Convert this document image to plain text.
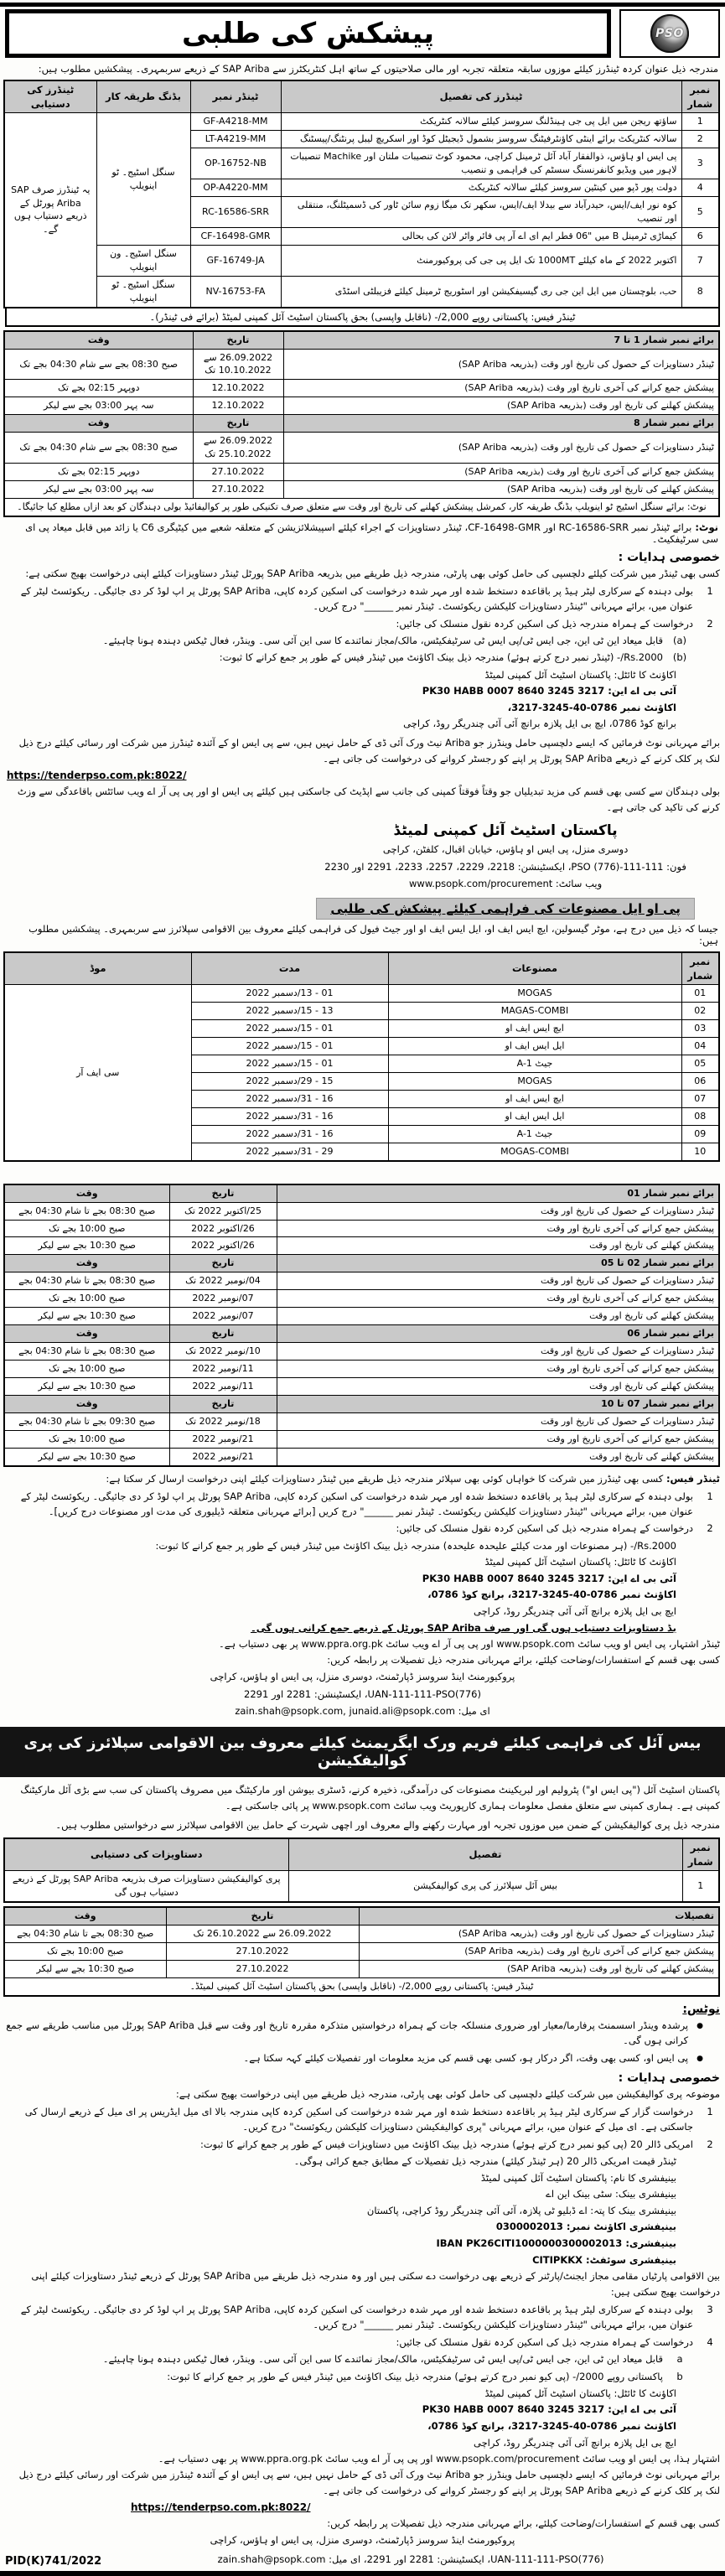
PSO
پیشکش کی طلبی
مندرجہ ذیل عنوان کردہ ٹینڈرز کیلئے موزوں سابقہ متعلقہ تجربہ اور مالی صلاحیتوں کے ساتھ اہل کنٹریکٹرز سے SAP Ariba کے ذریعے سربمہری۔ پیشکشیں مطلوب ہیں:
نمبر شمار	ٹینڈرز کی تفصیل	ٹینڈر نمبر	بڈنگ طریقہ کار	ٹینڈرز کی دستیابی
1	ساؤتھ ریجن میں ایل پی جی ہینڈلنگ سروسز کیلئے سالانہ کنٹریکٹ	GF-A4218-MM	سنگل اسٹیج۔ ٹو اینویلپ	یہ ٹینڈرز صرف SAP Ariba پورٹل کے ذریعے دستیاب ہوں گے۔
2	سالانہ کنٹریکٹ برائے اینٹی کاؤنٹرفیٹنگ سروسز بشمول ڈیجیٹل کوڈ اور اسکریچ لیبل پرنٹنگ/پیسٹنگ	LT-A4219-MM		
3	پی ایس او ہاؤس، ذوالفقار آباد آئل ٹرمینل کراچی، محمود کوٹ تنصیبات ملتان اور Machike تنصیبات لاہور میں ویڈیو کانفرنسنگ سسٹم کی فراہمی و تنصیب	OP-16752-NB		
4	دولت پور ڈپو میں کینٹین سروسز کیلئے سالانہ کنٹریکٹ	OP-A4220-MM		
5	کوہ نور ایف/ایس، حیدرآباد سے بیدلا ایف/ایس، سکھر تک میگا زوم سائن ٹاور کی ڈسمیٹلنگ، منتقلی اور تنصیب	RC-16586-SRR		
6	کیماڑی ٹرمینل B میں "06 قطر ایم ای اے آر پی فائر واٹر لائن کی بحالی	CF-16498-GMR		
7	اکتوبر 2022 کے ماہ کیلئے 1000MT تک ایل پی جی کی پروکیورمنٹ	GF-16749-JA	سنگل اسٹیج۔ ون اینویلپ	
8	حب، بلوچستان میں ایل این جی ری گیسیفکیشن اور اسٹوریج ٹرمینل کیلئے فزیبلٹی اسٹڈی	NV-16753-FA	سنگل اسٹیج۔ ٹو اینویلپ	
ٹینڈر فیس: پاکستانی روپے 2,000/- (ناقابل واپسی) بحق پاکستان اسٹیٹ آئل کمپنی لمیٹڈ (برائے فی ٹینڈر)۔
برائے نمبر شمار 1 تا 7	تاریخ	وقت
ٹینڈر دستاویزات کے حصول کی تاریخ اور وقت (بذریعہ SAP Ariba)	26.09.2022 سے 10.10.2022 تک	صبح 08:30 بجے سے شام 04:30 بجے تک
پیشکش جمع کرانے کی آخری تاریخ اور وقت (بذریعہ SAP Ariba)	12.10.2022	دوپہر 02:15 بجے تک
پیشکش کھلنے کی تاریخ اور وقت (بذریعہ SAP Ariba)	12.10.2022	سہ پہر 03:00 بجے سے لیکر
برائے نمبر شمار 8	تاریخ	وقت
ٹینڈر دستاویزات کے حصول کی تاریخ اور وقت (بذریعہ SAP Ariba)	26.09.2022 سے 25.10.2022 تک	صبح 08:30 بجے سے شام 04:30 بجے تک
پیشکش جمع کرانے کی آخری تاریخ اور وقت (بذریعہ SAP Ariba)	27.10.2022	دوپہر 02:15 بجے تک
پیشکش کھلنے کی تاریخ اور وقت (بذریعہ SAP Ariba)	27.10.2022	سہ پہر 03:00 بجے سے لیکر
نوٹ: برائے سنگل اسٹیج ٹو اینویلپ بڈنگ طریقہ کار، کمرشل پیشکش کھلنے کی تاریخ اور وقت سے متعلق صرف تکنیکی طور پر کوالیفائیڈ بولی دہندگان کو بعد ازاں مطلع کیا جائیگا۔		
نوٹ: برائے ٹینڈر نمبر RC-16586-SRR اور CF-16498-GMR، ٹینڈر دستاویزات کے اجراء کیلئے اسپیشلائزیشن کے متعلقہ شعبے میں کیٹیگری C6 یا زائد میں قابل میعاد پی ای سی سرٹیفکیٹ۔
خصوصی ہدایات :
کسی بھی ٹینڈر میں شرکت کیلئے دلچسپی کی حامل کوئی بھی پارٹی، مندرجہ ذیل طریقے میں بذریعہ SAP Ariba پورٹل ٹینڈر دستاویزات کیلئے اپنی درخواست بھیج سکتی ہے:
1
بولی دہندہ کے سرکاری لیٹر ہیڈ پر باقاعدہ دستخط شدہ اور مہر شدہ درخواست کی اسکین کردہ کاپی، SAP Ariba پورٹل پر اپ لوڈ کر دی جائیگی۔ ریکوئسٹ لیٹر کے عنوان میں، برائے مہربانی "ٹینڈر دستاویزات کلیکشن ریکوئسٹ۔ ٹینڈر نمبر ______" درج کریں۔
2
درخواست کے ہمراہ مندرجہ ذیل کی اسکین کردہ نقول منسلک کی جائیں:
(a)
قابل میعاد این ٹی این، جی ایس ٹی/پی ایس ٹی سرٹیفکیٹس، مالک/مجاز نمائندے کا سی این آئی سی۔ وینڈر، فعال ٹیکس دہندہ ہونا چاہیئے۔
(b)
Rs.2000/- (ٹینڈر نمبر درج کرتے ہوئے) مندرجہ ذیل بینک اکاؤنٹ میں ٹینڈر فیس کے طور پر جمع کرانے کا ثبوت:
اکاؤنٹ کا ٹائٹل: پاکستان اسٹیٹ آئل کمپنی لمیٹڈ
آئی بی اے این: PK30 HABB 0007 8640 3245 3217
اکاؤنٹ نمبر 0786-40-3245-3217،
برانچ کوڈ 0786، ایچ بی ایل پلازہ برانچ آئی آئی چندریگر روڈ، کراچی
برائے مہربانی نوٹ فرمائیں کہ ایسے دلچسپی حامل وینڈرز جو Ariba نیٹ ورک آئی ڈی کے حامل نہیں ہیں، سے پی ایس او کے آئندہ ٹینڈرز میں شرکت اور رسائی کیلئے درج ذیل لنک پر کلک کرنے کے ذریعے SAP Ariba پورٹل پر اپنے کو رجسٹر کروانے کی درخواست کی جاتی ہے۔
https://tenderpso.com.pk:8022/
بولی دہندگان سے کسی بھی قسم کی مزید تبدیلیاں جو وقتاً فوقتاً کمپنی کی جانب سے اپڈیٹ کی جاسکتی ہیں کیلئے پی ایس او اور پی پی آر اے ویب سائٹس باقاعدگی سے وزٹ کرنے کی تاکید کی جاتی ہے۔
پاکستان اسٹیٹ آئل کمپنی لمیٹڈ
دوسری منزل، پی ایس او ہاؤس، خیابان اقبال، کلفٹن، کراچی
فون: 111-111-PSO (776)، ایکسٹینشن: 2218، 2229، 2257، 2233، 2291 اور 2230
ویب سائٹ: www.psopk.com/procurement
پی او ایل مصنوعات کی فراہمی کیلئے پیشکش کی طلبی
جیسا کہ ذیل میں درج ہے، موٹر گیسولین، ایچ ایس ایف او، ایل ایس ایف او اور جیٹ فیول کی فراہمی کیلئے معروف بین الاقوامی سپلائرز سے سربمہری۔ پیشکشیں مطلوب ہیں:
نمبر شمار	مصنوعات	مدت	موڈ
01	MOGAS	01 - 13/دسمبر 2022	سی ایف آر
02	MAGAS-COMBI	13 - 15/دسمبر 2022	
03	ایچ ایس ایف او	01 - 15/دسمبر 2022	
04	ایل ایس ایف او	01 - 15/دسمبر 2022	
05	جیٹ A-1	01 - 15/دسمبر 2022	
06	MOGAS	15 - 29/دسمبر 2022	
07	ایچ ایس ایف او	16 - 31/دسمبر 2022	
08	ایل ایس ایف او	16 - 31/دسمبر 2022	
09	جیٹ A-1	16 - 31/دسمبر 2022	
10	MOGAS-COMBI	29 - 31/دسمبر 2022	
برائے نمبر شمار 01	تاریخ	وقت
ٹینڈر دستاویزات کے حصول کی تاریخ اور وقت	25/اکتوبر 2022 تک	صبح 08:30 بجے تا شام 04:30 بجے
پیشکش جمع کرانے کی آخری تاریخ اور وقت	26/اکتوبر 2022	صبح 10:00 بجے تک
پیشکش کھلنے کی تاریخ اور وقت	26/اکتوبر 2022	صبح 10:30 بجے سے لیکر
برائے نمبر شمار 02 تا 05	تاریخ	وقت
ٹینڈر دستاویزات کے حصول کی تاریخ اور وقت	04/نومبر 2022 تک	صبح 08:30 بجے تا شام 04:30 بجے
پیشکش جمع کرانے کی آخری تاریخ اور وقت	07/نومبر 2022	صبح 10:00 بجے تک
پیشکش کھلنے کی تاریخ اور وقت	07/نومبر 2022	صبح 10:30 بجے سے لیکر
برائے نمبر شمار 06	تاریخ	وقت
ٹینڈر دستاویزات کے حصول کی تاریخ اور وقت	10/نومبر 2022 تک	صبح 08:30 بجے تا شام 04:30 بجے
پیشکش جمع کرانے کی آخری تاریخ اور وقت	11/نومبر 2022	صبح 10:00 بجے تک
پیشکش کھلنے کی تاریخ اور وقت	11/نومبر 2022	صبح 10:30 بجے سے لیکر
برائے نمبر شمار 07 تا 10	تاریخ	وقت
ٹینڈر دستاویزات کے حصول کی تاریخ اور وقت	18/نومبر 2022 تک	صبح 09:30 بجے تا شام 04:30 بجے
پیشکش جمع کرانے کی آخری تاریخ اور وقت	21/نومبر 2022	صبح 10:00 بجے تک
پیشکش کھلنے کی تاریخ اور وقت	21/نومبر 2022	صبح 10:30 بجے سے لیکر
ٹینڈر فیس: کسی بھی ٹینڈرز میں شرکت کا خواہاں کوئی بھی سپلائر مندرجہ ذیل طریقے میں ٹینڈر دستاویزات کیلئے اپنی درخواست ارسال کر سکتا ہے:
1
بولی دہندہ کے سرکاری لیٹر ہیڈ پر باقاعدہ دستخط شدہ اور مہر شدہ درخواست کی اسکین کردہ کاپی، SAP Ariba پورٹل پر اپ لوڈ کر دی جائیگی۔ ریکوئسٹ لیٹر کے عنوان میں، برائے مہربانی "ٹینڈر دستاویزات کلیکشن ریکوئسٹ۔ ٹینڈر نمبر ______" درج کریں [برائے مہربانی متعلقہ ڈیلیوری کی مدت اور مصنوعات درج کریں]۔
2
درخواست کے ہمراہ مندرجہ ذیل کی اسکین کردہ نقول منسلک کی جائیں:
Rs.2000/- (ہر مصنوعات اور مدت کیلئے علیحدہ علیحدہ) مندرجہ ذیل بینک اکاؤنٹ میں ٹینڈر فیس کے طور پر جمع کرانے کا ثبوت:
اکاؤنٹ کا ٹائٹل: پاکستان اسٹیٹ آئل کمپنی لمیٹڈ
آئی بی اے این: PK30 HABB 0007 8640 3245 3217
اکاؤنٹ نمبر 0786-40-3245-3217، برانچ کوڈ 0786،
ایچ بی ایل پلازہ برانچ آئی آئی چندریگر روڈ، کراچی
بڈ دستاویزات دستیاب ہوں گی اور صرف SAP Ariba پورٹل کے ذریعے جمع کرانی ہوں گی۔
ٹینڈر اشتہار، پی ایس او ویب سائٹ www.psopk.com اور پی پی آر اے ویب سائٹ www.ppra.org.pk پر بھی دستیاب ہے۔
کسی بھی قسم کے استفسارات/وضاحت کیلئے، برائے مہربانی مندرجہ ذیل تفصیلات پر رابطہ کریں:
پروکیورمنٹ اینڈ سروسز ڈپارٹمنٹ، دوسری منزل، پی ایس او ہاؤس، کراچی
UAN-111-111-PSO(776)، ایکسٹینشن: 2281 اور 2291
ای میل: zain.shah@psopk.com, junaid.ali@psopk.com
بیس آئل کی فراہمی کیلئے فریم ورک ایگریمنٹ کیلئے معروف بین الاقوامی سپلائرز کی پری کوالیفکیشن
پاکستان اسٹیٹ آئل ("پی ایس او") پٹرولیم اور لبریکینٹ مصنوعات کی درآمدگی، ذخیرہ کرنے، ڈسٹری بیوشن اور مارکیٹنگ میں مصروف پاکستان کی سب سے بڑی آئل مارکیٹنگ کمپنی ہے۔ ہماری کمپنی سے متعلق مفصل معلومات ہماری کارپوریٹ ویب سائٹ www.psopk.com پر پائی جاسکتی ہے۔
مندرجہ ذیل پری کوالیفکیشن کے ضمن میں موزوں تجربہ اور مہارت رکھنے والے معروف اور اچھی شہرت کے حامل بین الاقوامی سپلائرز سے درخواستیں مطلوب ہیں۔
نمبر شمار	تفصیل	دستاویزات کی دستیابی
1	بیس آئل سپلائرز کی پری کوالیفکیشن	پری کوالیفکیشن دستاویزات صرف بذریعہ SAP Ariba پورٹل کے ذریعے دستیاب ہوں گی
تفصیلات	تاریخ	وقت
ٹینڈر دستاویزات کے حصول کی تاریخ اور وقت (بذریعہ SAP Ariba)	26.09.2022 سے 26.10.2022 تک	صبح 08:30 بجے تا شام 04:30 بجے
پیشکش جمع کرانے کی آخری تاریخ اور وقت (بذریعہ SAP Ariba)	27.10.2022	صبح 10:00 بجے تک
پیشکش کھلنے کی تاریخ اور وقت (بذریعہ SAP Ariba)	27.10.2022	صبح 10:30 بجے سے لیکر
ٹینڈر فیس: پاکستانی روپے 2,000/- (ناقابل واپسی) بحق پاکستان اسٹیٹ آئل کمپنی لمیٹڈ۔		
نوٹس:
●
پرشدہ وینڈر اسسمنٹ پرفارما/معیار اور ضروری منسلکہ جات کے ہمراہ درخواستیں متذکرہ مقررہ تاریخ اور وقت سے قبل SAP Ariba پورٹل میں مناسب طریقے سے جمع کرانی ہوں گی۔
●
پی ایس او، کسی بھی وقت، اگر درکار ہو، کسی بھی قسم کی مزید معلومات اور تفصیلات کیلئے کہہ سکتا ہے۔
خصوصی ہدایات :
موضوعہ پری کوالیفکیشن میں شرکت کیلئے دلچسپی کی حامل کوئی بھی پارٹی، مندرجہ ذیل طریقے میں اپنی درخواست بھیج سکتی ہے:
1
درخواست گزار کے سرکاری لیٹر ہیڈ پر باقاعدہ دستخط شدہ اور مہر شدہ درخواست کی اسکین کردہ کاپی مندرجہ بالا ای میل ایڈریس پر ای میل کے ذریعے ارسال کی جاسکتی ہے۔ ای میل کے عنوان میں، برائے مہربانی "پری کوالیفکیشن دستاویزات کلیکشن ریکوئسٹ" درج کریں۔
2
امریکی ڈالر 20 (پی کیو نمبر درج کرتے ہوئے) مندرجہ ذیل بینک اکاؤنٹ میں دستاویزات فیس کے طور پر جمع کرانے کا ثبوت:
ٹینڈر قیمت امریکی ڈالر 20 (ہر ٹینڈر کیلئے) مندرجہ ذیل تفصیلات کے مطابق جمع کرائی ہوگی۔
بینیفشری کا نام: پاکستان اسٹیٹ آئل کمپنی لمیٹڈ
بینیفشری بینک: سٹی بینک این اے
بینیفشری بینک کا پتہ: اے ڈبلیو ٹی پلازہ، آئی آئی چندریگر روڈ کراچی، پاکستان
بینیفشری اکاؤنٹ نمبر: 0300002013
بینیفشری: IBAN PK26CITI1000000300002013
بینیفشری سوئفٹ: CITIPKKX
بین الاقوامی پارٹیاں مقامی مجاز ایجنٹ/پارٹنر کے ذریعے بھی درخواست دے سکتی ہیں اور وہ مندرجہ ذیل طریقے میں SAP Ariba پورٹل کے ذریعے ٹینڈر دستاویزات کیلئے اپنی درخواست بھیج سکتی ہیں:
3
بولی دہندہ کے سرکاری لیٹر ہیڈ پر باقاعدہ دستخط شدہ اور مہر شدہ درخواست کی اسکین کردہ کاپی، SAP Ariba پورٹل پر اپ لوڈ کر دی جائیگی۔ ریکوئسٹ لیٹر کے عنوان میں، برائے مہربانی "ٹینڈر دستاویزات کلیکشن ریکوئسٹ۔ ٹینڈر نمبر ______" درج کریں۔
4
درخواست کے ہمراہ مندرجہ ذیل کی اسکین کردہ نقول منسلک کی جائیں:
a
قابل میعاد این ٹی این، جی ایس ٹی/پی ایس ٹی سرٹیفکیٹس، مالک/مجاز نمائندے کا سی این آئی سی۔ وینڈر، فعال ٹیکس دہندہ ہونا چاہیئے۔
b
پاکستانی روپے 2000/- (پی کیو نمبر درج کرتے ہوئے) مندرجہ ذیل بینک اکاؤنٹ میں ٹینڈر فیس کے طور پر جمع کرانے کا ثبوت:
اکاؤنٹ کا ٹائٹل: پاکستان اسٹیٹ آئل کمپنی لمیٹڈ
آئی بی اے این: PK30 HABB 0007 8640 3245 3217
اکاؤنٹ نمبر 0786-40-3245-3217، برانچ کوڈ 0786،
ایچ بی ایل پلازہ برانچ آئی آئی چندریگر روڈ، کراچی
اشتہار ہذا، پی ایس او ویب سائٹ www.psopk.com/procurement اور پی پی آر اے ویب سائٹ www.ppra.org.pk پر بھی دستیاب ہے۔
برائے مہربانی نوٹ فرمائیں کہ ایسے دلچسپی حامل وینڈرز جو Ariba نیٹ ورک آئی ڈی کے حامل نہیں ہیں، سے پی ایس او کے آئندہ ٹینڈرز میں شرکت اور رسائی کیلئے درج ذیل لنک پر کلک کرنے کے ذریعے SAP Ariba پورٹل پر اپنے کو رجسٹر کروانے کی درخواست کی جاتی ہے۔
https://tenderpso.com.pk:8022/
کسی بھی قسم کے استفسارات/وضاحت کیلئے، برائے مہربانی مندرجہ ذیل تفصیلات پر رابطہ کریں:
پروکیورمنٹ اینڈ سروسز ڈپارٹمنٹ، دوسری منزل، پی ایس او ہاؤس، کراچی
UAN-111-111-PSO(776)، ایکسٹینشن: 2281 اور 2291، ای میل: zain.shah@psopk.com
PID(K)741/2022
